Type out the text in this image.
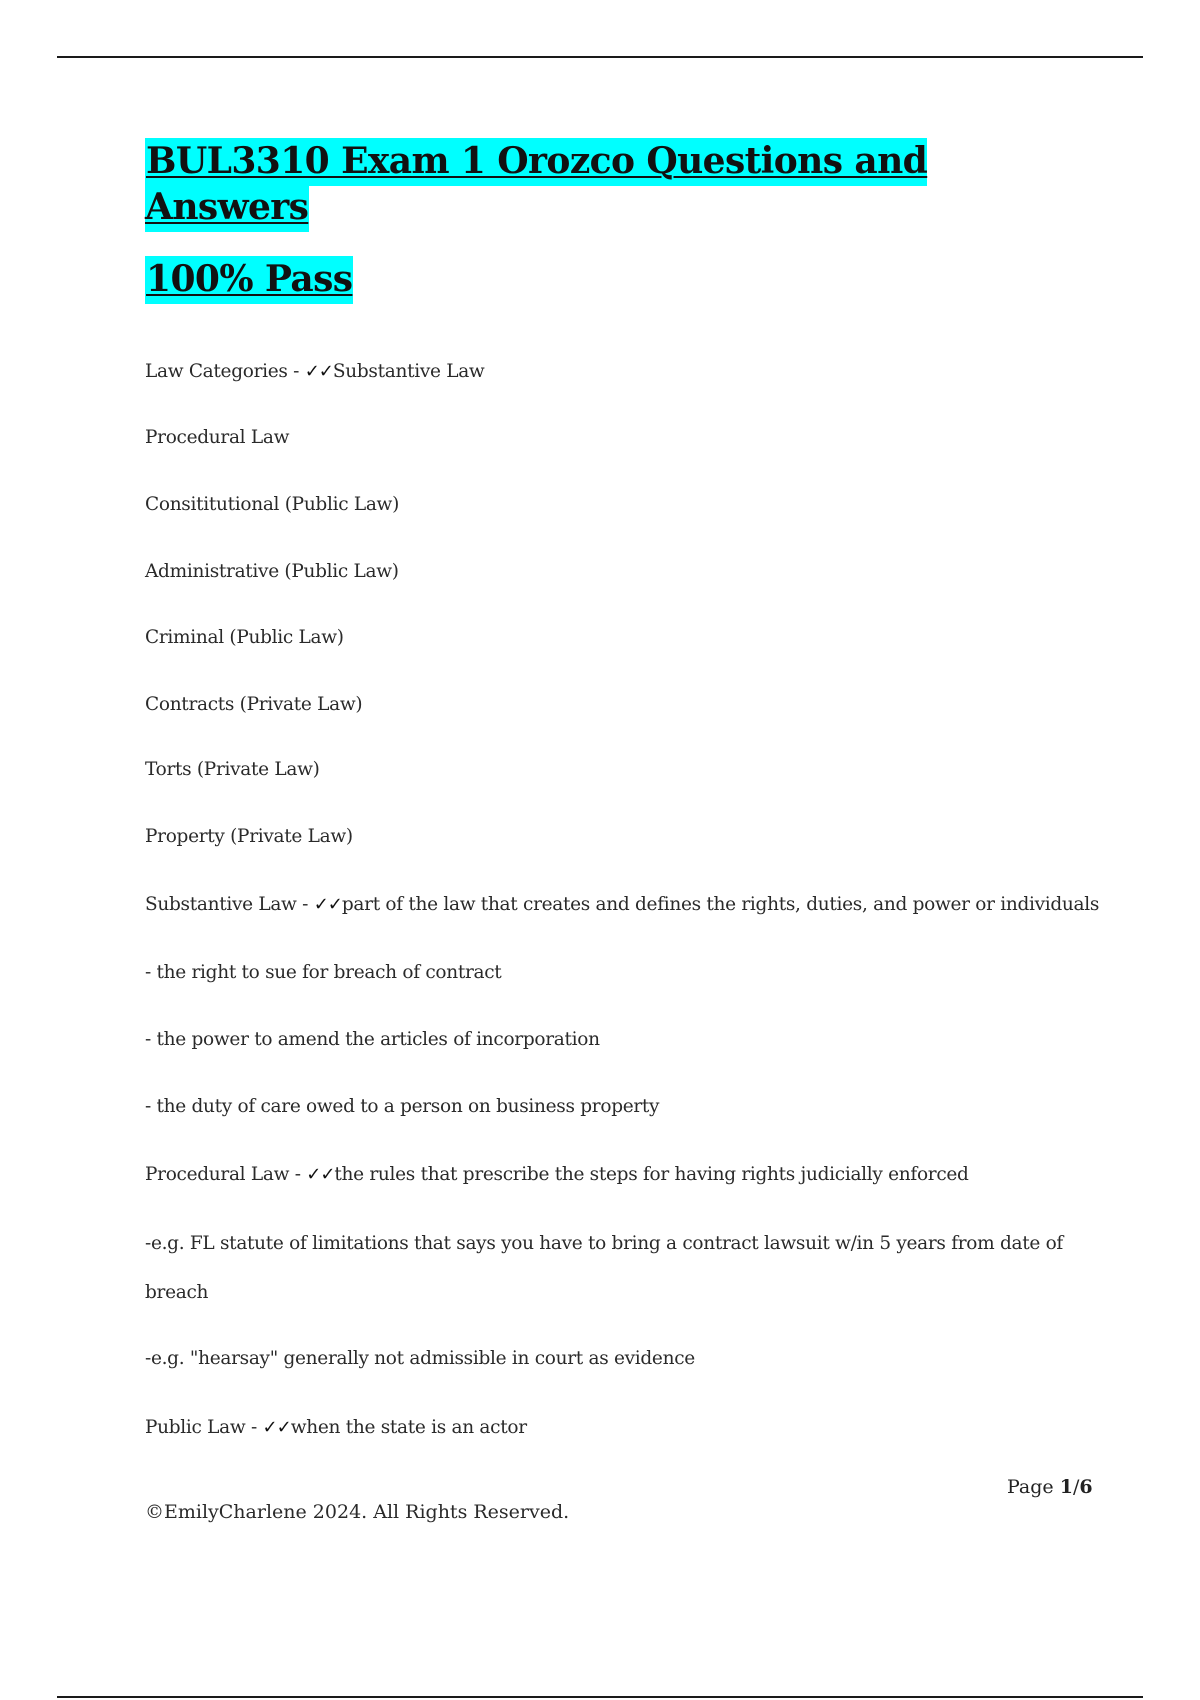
BUL3310 Exam 1 Orozco Questions and Answers
100% Pass
Law Categories - ✓✓Substantive Law
Procedural Law
Consititutional (Public Law)
Administrative (Public Law)
Criminal (Public Law)
Contracts (Private Law)
Torts (Private Law)
Property (Private Law)
Substantive Law - ✓✓part of the law that creates and defines the rights, duties, and power or individuals
- the right to sue for breach of contract
- the power to amend the articles of incorporation
- the duty of care owed to a person on business property
Procedural Law - ✓✓the rules that prescribe the steps for having rights judicially enforced
-e.g. FL statute of limitations that says you have to bring a contract lawsuit w/in 5 years from date of
breach
-e.g. "hearsay" generally not admissible in court as evidence
Public Law - ✓✓when the state is an actor
Page 1/6
©EmilyCharlene 2024. All Rights Reserved.
